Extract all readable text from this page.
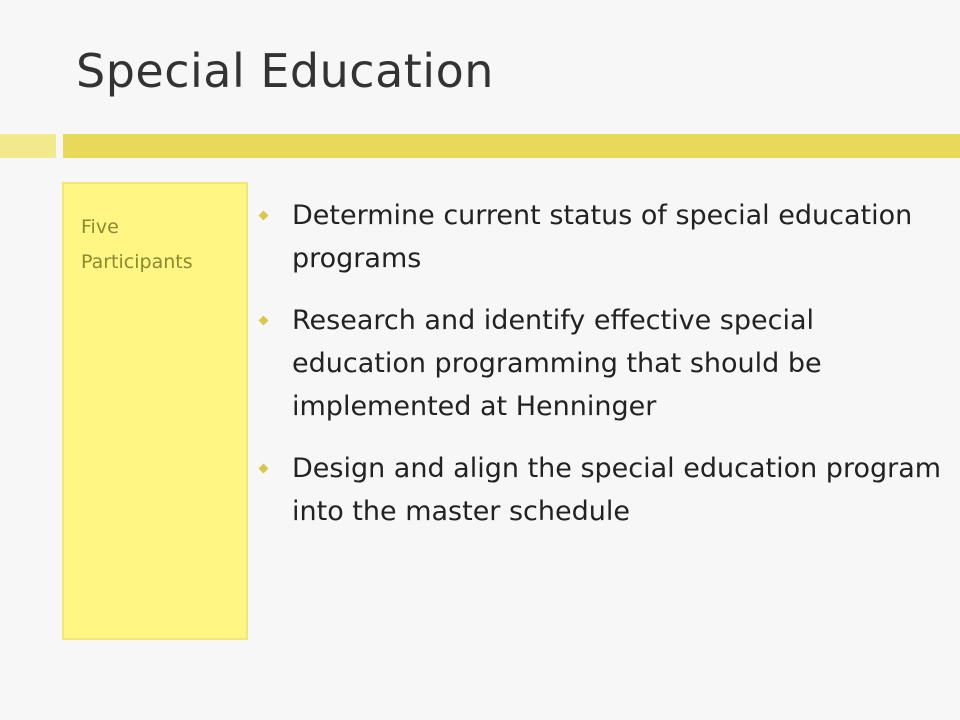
Special Education
Five
Participants
Determine current status of special education programs
Research and identify effective special education programming that should be implemented at Henninger
Design and align the special education program into the master schedule
